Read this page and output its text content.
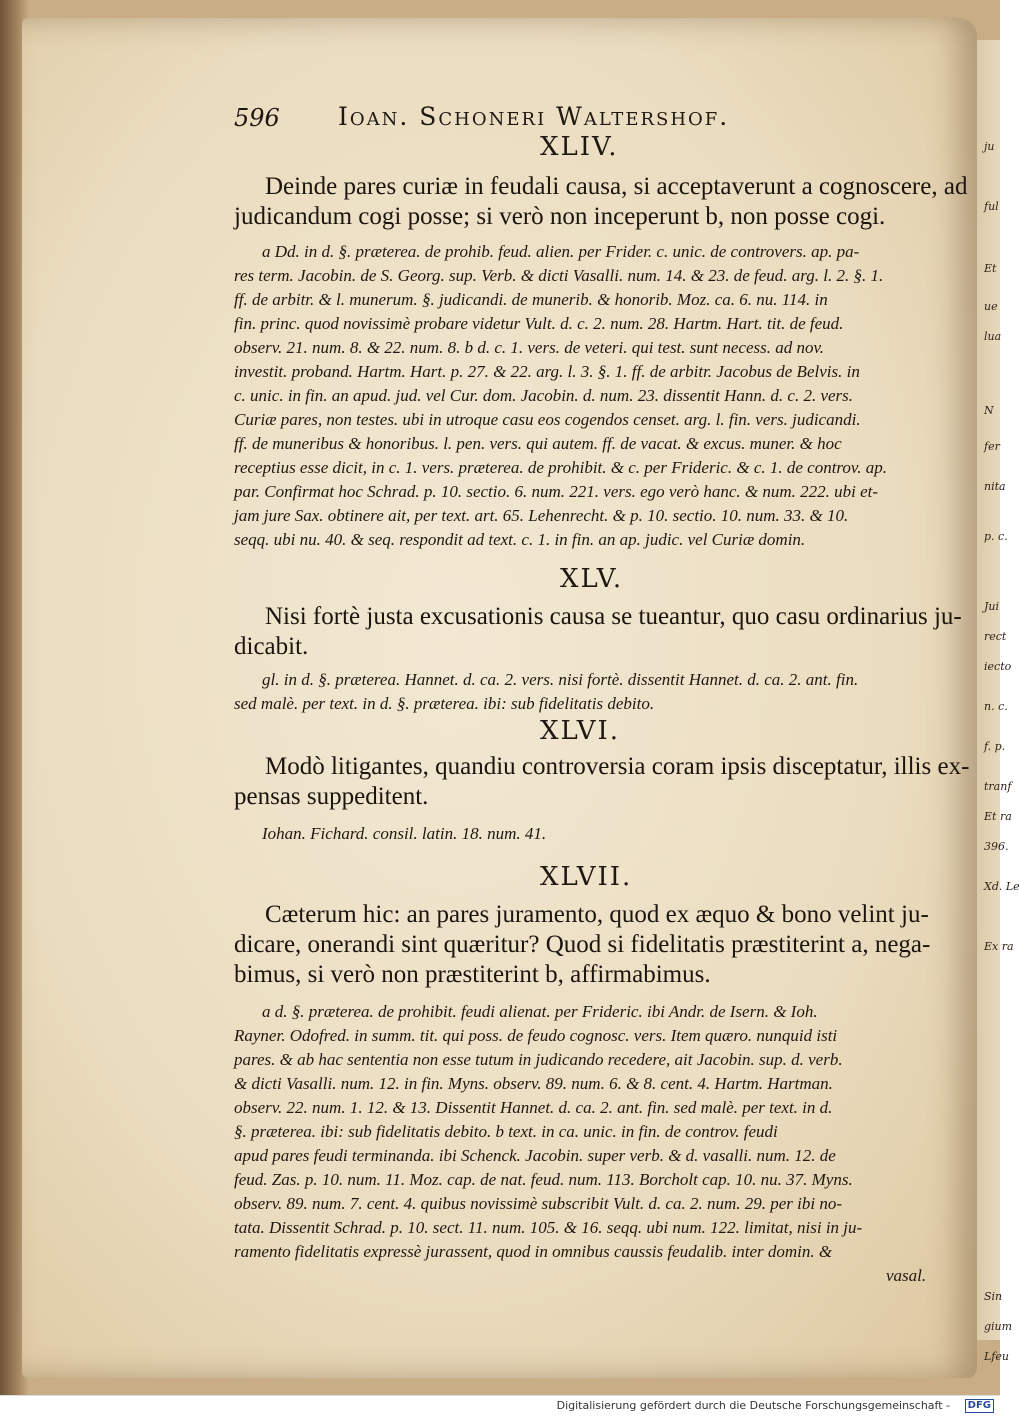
596 Ioan. Schoneri Waltershof.
XLIV.
Deinde pares curiæ in feudali causa, si acceptaverunt a cognoscere, ad
judicandum cogi posse; si verò non inceperunt b, non posse cogi.
a Dd. in d. §. præterea. de prohib. feud. alien. per Frider. c. unic. de controvers. ap. pa-
res term. Jacobin. de S. Georg. sup. Verb. & dicti Vasalli. num. 14. & 23. de feud. arg. l. 2. §. 1.
ff. de arbitr. & l. munerum. §. judicandi. de munerib. & honorib. Moz. ca. 6. nu. 114. in
fin. princ. quod novissimè probare videtur Vult. d. c. 2. num. 28. Hartm. Hart. tit. de feud.
observ. 21. num. 8. & 22. num. 8. b d. c. 1. vers. de veteri. qui test. sunt necess. ad nov.
investit. proband. Hartm. Hart. p. 27. & 22. arg. l. 3. §. 1. ff. de arbitr. Jacobus de Belvis. in
c. unic. in fin. an apud. jud. vel Cur. dom. Jacobin. d. num. 23. dissentit Hann. d. c. 2. vers.
Curiæ pares, non testes. ubi in utroque casu eos cogendos censet. arg. l. fin. vers. judicandi.
ff. de muneribus & honoribus. l. pen. vers. qui autem. ff. de vacat. & excus. muner. & hoc
receptius esse dicit, in c. 1. vers. præterea. de prohibit. & c. per Frideric. & c. 1. de controv. ap.
par. Confirmat hoc Schrad. p. 10. sectio. 6. num. 221. vers. ego verò hanc. & num. 222. ubi et-
jam jure Sax. obtinere ait, per text. art. 65. Lehenrecht. & p. 10. sectio. 10. num. 33. & 10.
seqq. ubi nu. 40. & seq. respondit ad text. c. 1. in fin. an ap. judic. vel Curiæ domin.
XLV.
Nisi fortè justa excusationis causa se tueantur, quo casu ordinarius ju-
dicabit.
gl. in d. §. præterea. Hannet. d. ca. 2. vers. nisi fortè. dissentit Hannet. d. ca. 2. ant. fin.
sed malè. per text. in d. §. præterea. ibi: sub fidelitatis debito.
XLVI.
Modò litigantes, quandiu controversia coram ipsis disceptatur, illis ex-
pensas suppeditent.
Iohan. Fichard. consil. latin. 18. num. 41.
XLVII.
Cæterum hic: an pares juramento, quod ex æquo & bono velint ju-
dicare, onerandi sint quæritur? Quod si fidelitatis præstiterint a, nega-
bimus, si verò non præstiterint b, affirmabimus.
a d. §. præterea. de prohibit. feudi alienat. per Frideric. ibi Andr. de Isern. & Ioh.
Rayner. Odofred. in summ. tit. qui poss. de feudo cognosc. vers. Item quæro. nunquid isti
pares. & ab hac sententia non esse tutum in judicando recedere, ait Jacobin. sup. d. verb.
& dicti Vasalli. num. 12. in fin. Myns. observ. 89. num. 6. & 8. cent. 4. Hartm. Hartman.
observ. 22. num. 1. 12. & 13. Dissentit Hannet. d. ca. 2. ant. fin. sed malè. per text. in d.
§. præterea. ibi: sub fidelitatis debito. b text. in ca. unic. in fin. de controv. feudi
apud pares feudi terminanda. ibi Schenck. Jacobin. super verb. & d. vasalli. num. 12. de
feud. Zas. p. 10. num. 11. Moz. cap. de nat. feud. num. 113. Borcholt cap. 10. nu. 37. Myns.
observ. 89. num. 7. cent. 4. quibus novissimè subscribit Vult. d. ca. 2. num. 29. per ibi no-
tata. Dissentit Schrad. p. 10. sect. 11. num. 105. & 16. seqq. ubi num. 122. limitat, nisi in ju-
ramento fidelitatis expressè jurassent, quod in omnibus caussis feudalib. inter domin. &
vasal.
ju
ful
Et
ue
lua
N
fer
nita
p. c.
Jui
rect
iecto
n. c.
f. p.
tranf
Et ra
396.
Xd. Le
Ex ra
Sin
gium
Lfeu
Digitalisierung gefördert durch die Deutsche Forschungsgemeinschaft -	DFG
